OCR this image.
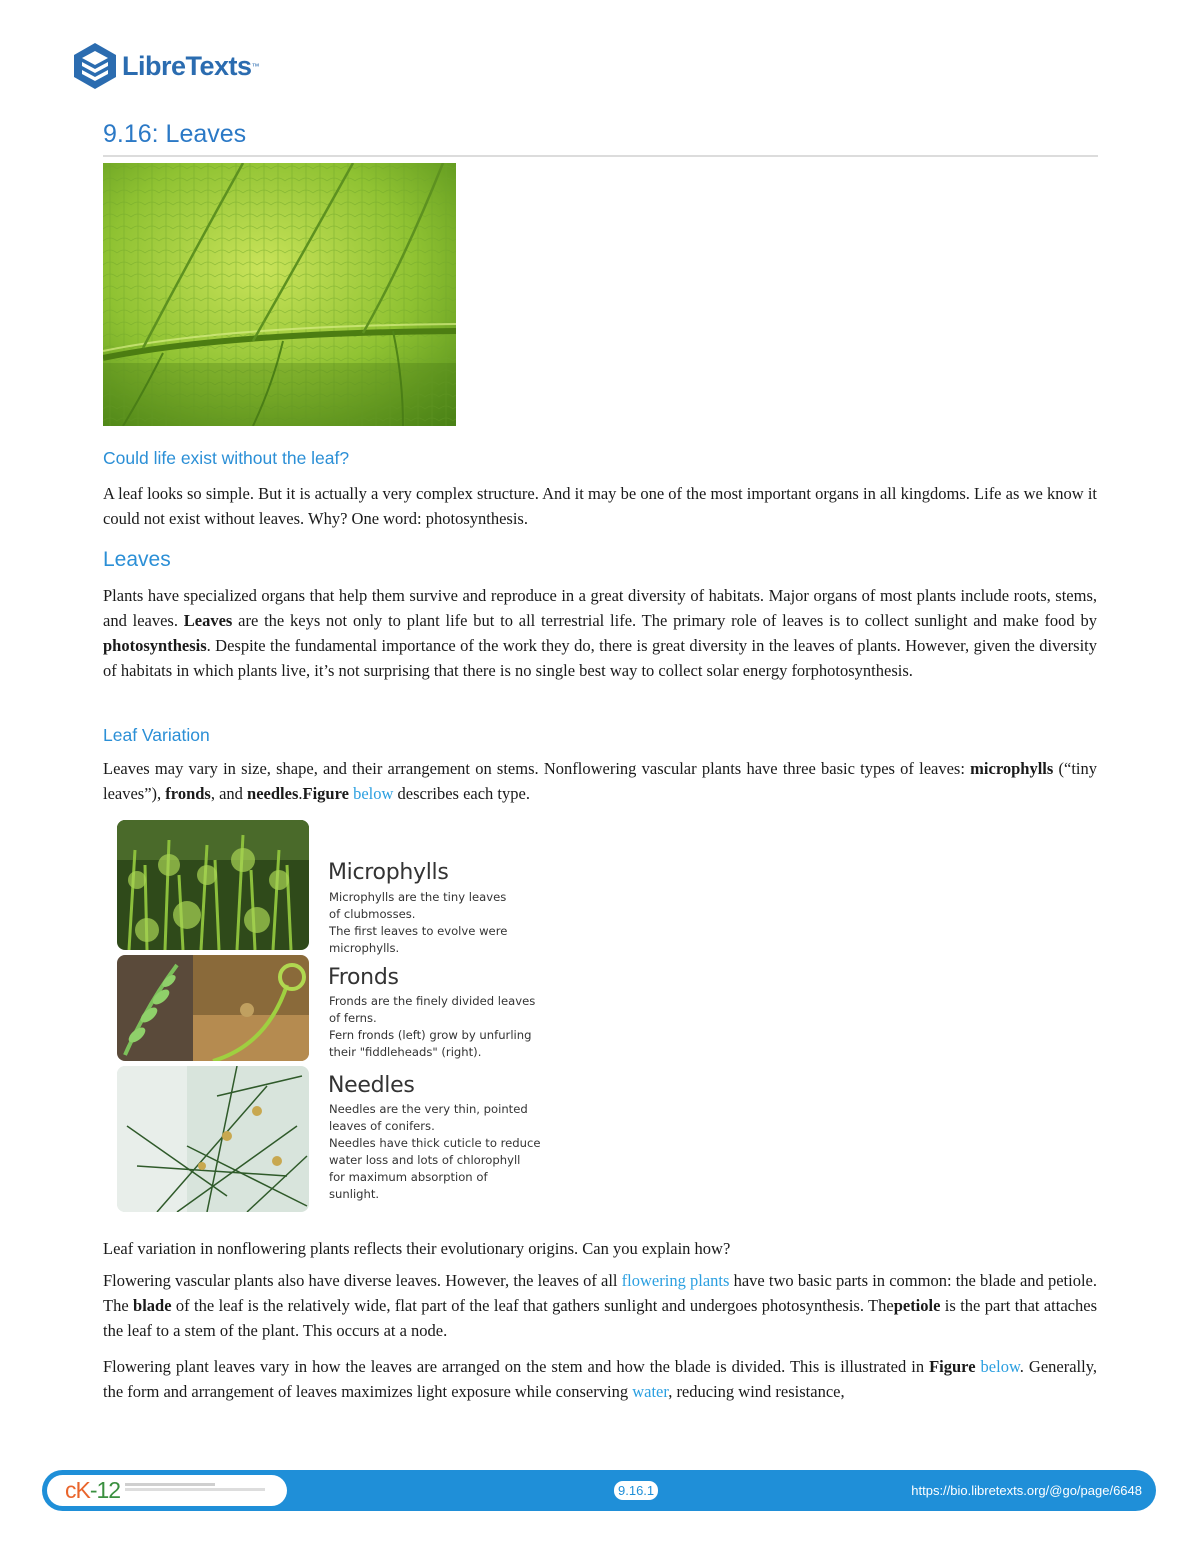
LibreTexts ™
9.16: Leaves
Could life exist without the leaf?

A leaf looks so simple. But it is actually a very complex structure. And it may be one of the most important organs in all kingdoms. Life as we know it could not exist without leaves. Why? One word: photosynthesis.

Leaves

Plants have specialized organs that help them survive and reproduce in a great diversity of habitats. Major organs of most plants include roots, stems, and leaves. Leaves are the keys not only to plant life but to all terrestrial life. The primary role of leaves is to collect sunlight and make food by photosynthesis. Despite the fundamental importance of the work they do, there is great diversity in the leaves of plants. However, given the diversity of habitats in which plants live, it’s not surprising that there is no single best way to collect solar energy forphotosynthesis.

Leaf Variation

Leaves may vary in size, shape, and their arrangement on stems. Nonflowering vascular plants have three basic types of leaves: microphylls (“tiny leaves”), fronds, and needles.Figure below describes each type.

Microphylls
Microphylls are the tiny leaves
of clubmosses.
The first leaves to evolve were
microphylls.
Fronds
Fronds are the finely divided leaves
of ferns.
Fern fronds (left) grow by unfurling
their "fiddleheads" (right).
Needles
Needles are the very thin, pointed
leaves of conifers.
Needles have thick cuticle to reduce
water loss and lots of chlorophyll
for maximum absorption of
sunlight.

Leaf variation in nonflowering plants reflects their evolutionary origins. Can you explain how?

Flowering vascular plants also have diverse leaves. However, the leaves of all flowering plants have two basic parts in common: the blade and petiole. The blade of the leaf is the relatively wide, flat part of the leaf that gathers sunlight and undergoes photosynthesis. Thepetiole is the part that attaches the leaf to a stem of the plant. This occurs at a node.

Flowering plant leaves vary in how the leaves are arranged on the stem and how the blade is divided. This is illustrated in Figure below. Generally, the form and arrangement of leaves maximizes light exposure while conserving water, reducing wind resistance,

cK-12	9.16.1	https://bio.libretexts.org/@go/page/6648
